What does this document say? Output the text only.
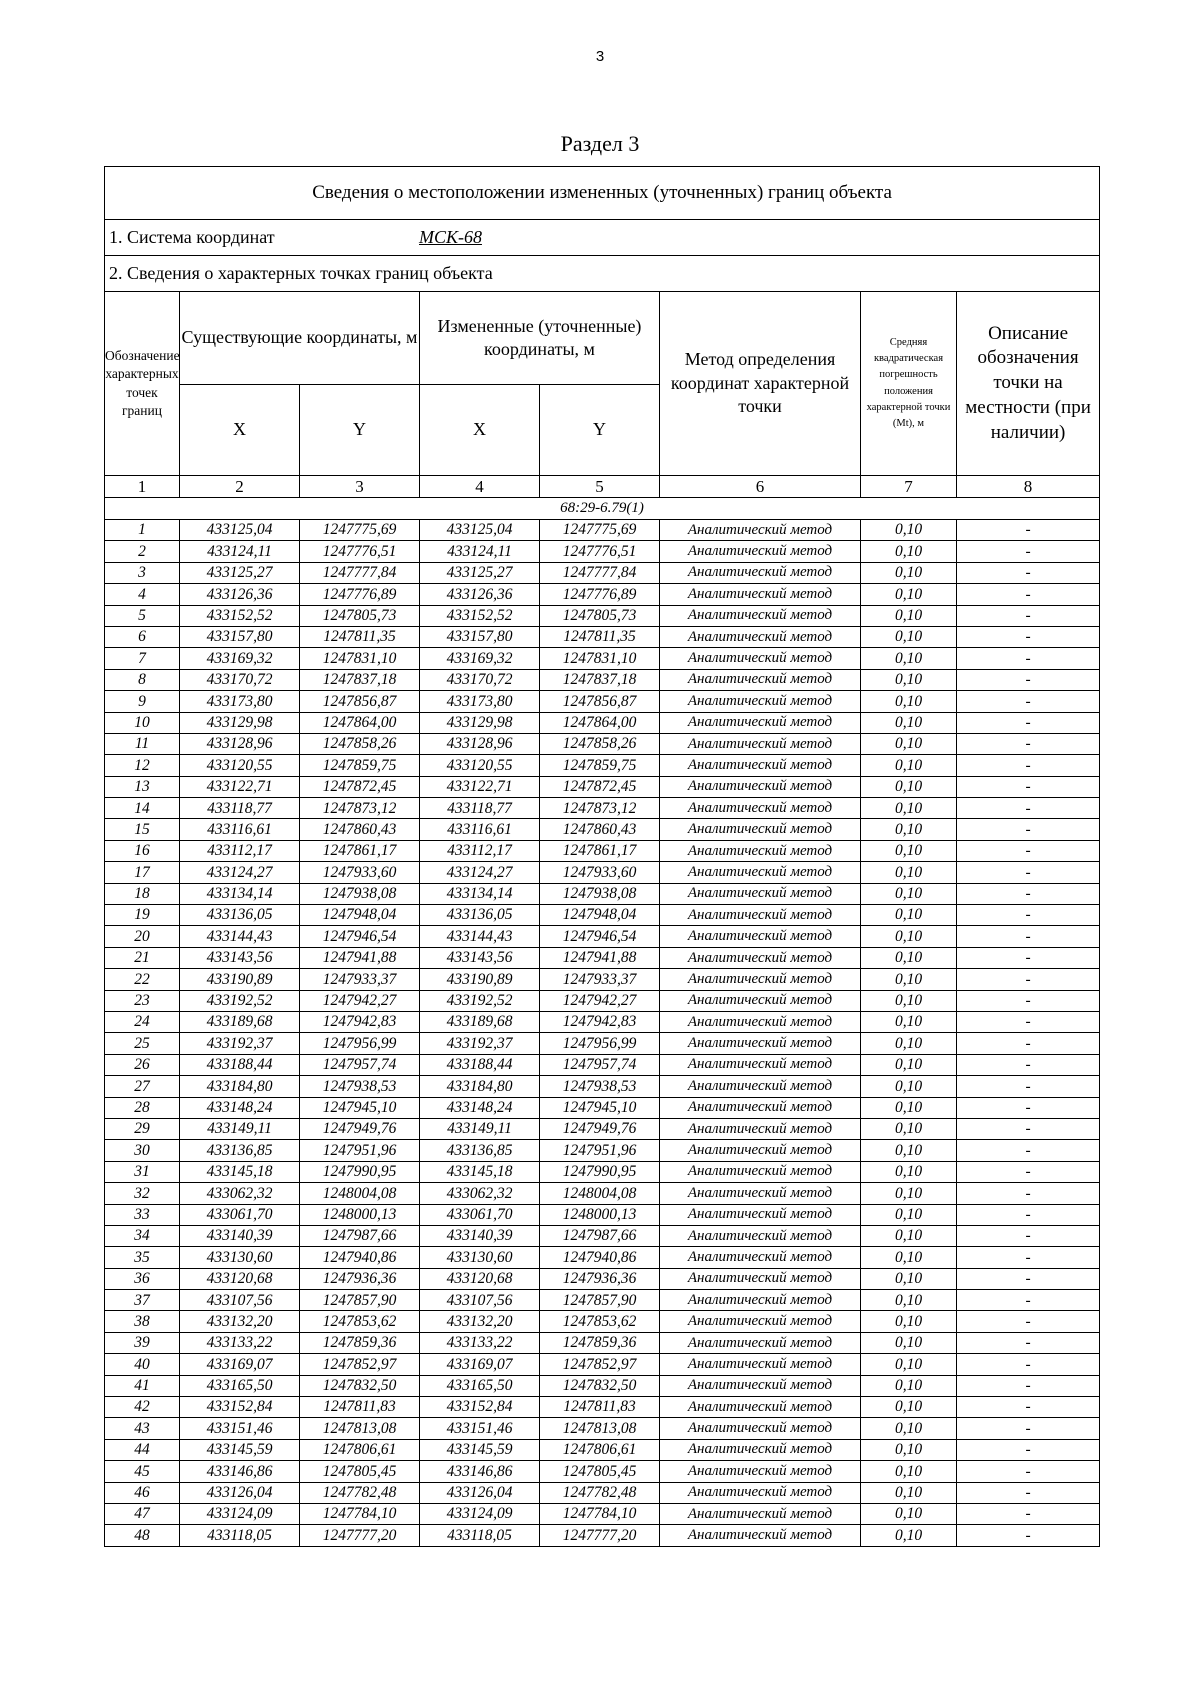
3
Раздел 3
Сведения о местоположении измененных (уточненных) границ объекта							
1. Система координат МСК-68							
2. Сведения о характерных точках границ объекта							
Обозначение характерных точек границ	Существующие координаты, м		Измененные (уточненные) координаты, м		Метод определения координат характерной точки	Средняя квадратическая погрешность положения характерной точки (Mt), м	Описание обозначения точки на местности (при наличии)
	X	Y	X	Y			
1	2	3	4	5	6	7	8
68:29-6.79(1)							
1	433125,04	1247775,69	433125,04	1247775,69	Аналитический метод	0,10	-
2	433124,11	1247776,51	433124,11	1247776,51	Аналитический метод	0,10	-
3	433125,27	1247777,84	433125,27	1247777,84	Аналитический метод	0,10	-
4	433126,36	1247776,89	433126,36	1247776,89	Аналитический метод	0,10	-
5	433152,52	1247805,73	433152,52	1247805,73	Аналитический метод	0,10	-
6	433157,80	1247811,35	433157,80	1247811,35	Аналитический метод	0,10	-
7	433169,32	1247831,10	433169,32	1247831,10	Аналитический метод	0,10	-
8	433170,72	1247837,18	433170,72	1247837,18	Аналитический метод	0,10	-
9	433173,80	1247856,87	433173,80	1247856,87	Аналитический метод	0,10	-
10	433129,98	1247864,00	433129,98	1247864,00	Аналитический метод	0,10	-
11	433128,96	1247858,26	433128,96	1247858,26	Аналитический метод	0,10	-
12	433120,55	1247859,75	433120,55	1247859,75	Аналитический метод	0,10	-
13	433122,71	1247872,45	433122,71	1247872,45	Аналитический метод	0,10	-
14	433118,77	1247873,12	433118,77	1247873,12	Аналитический метод	0,10	-
15	433116,61	1247860,43	433116,61	1247860,43	Аналитический метод	0,10	-
16	433112,17	1247861,17	433112,17	1247861,17	Аналитический метод	0,10	-
17	433124,27	1247933,60	433124,27	1247933,60	Аналитический метод	0,10	-
18	433134,14	1247938,08	433134,14	1247938,08	Аналитический метод	0,10	-
19	433136,05	1247948,04	433136,05	1247948,04	Аналитический метод	0,10	-
20	433144,43	1247946,54	433144,43	1247946,54	Аналитический метод	0,10	-
21	433143,56	1247941,88	433143,56	1247941,88	Аналитический метод	0,10	-
22	433190,89	1247933,37	433190,89	1247933,37	Аналитический метод	0,10	-
23	433192,52	1247942,27	433192,52	1247942,27	Аналитический метод	0,10	-
24	433189,68	1247942,83	433189,68	1247942,83	Аналитический метод	0,10	-
25	433192,37	1247956,99	433192,37	1247956,99	Аналитический метод	0,10	-
26	433188,44	1247957,74	433188,44	1247957,74	Аналитический метод	0,10	-
27	433184,80	1247938,53	433184,80	1247938,53	Аналитический метод	0,10	-
28	433148,24	1247945,10	433148,24	1247945,10	Аналитический метод	0,10	-
29	433149,11	1247949,76	433149,11	1247949,76	Аналитический метод	0,10	-
30	433136,85	1247951,96	433136,85	1247951,96	Аналитический метод	0,10	-
31	433145,18	1247990,95	433145,18	1247990,95	Аналитический метод	0,10	-
32	433062,32	1248004,08	433062,32	1248004,08	Аналитический метод	0,10	-
33	433061,70	1248000,13	433061,70	1248000,13	Аналитический метод	0,10	-
34	433140,39	1247987,66	433140,39	1247987,66	Аналитический метод	0,10	-
35	433130,60	1247940,86	433130,60	1247940,86	Аналитический метод	0,10	-
36	433120,68	1247936,36	433120,68	1247936,36	Аналитический метод	0,10	-
37	433107,56	1247857,90	433107,56	1247857,90	Аналитический метод	0,10	-
38	433132,20	1247853,62	433132,20	1247853,62	Аналитический метод	0,10	-
39	433133,22	1247859,36	433133,22	1247859,36	Аналитический метод	0,10	-
40	433169,07	1247852,97	433169,07	1247852,97	Аналитический метод	0,10	-
41	433165,50	1247832,50	433165,50	1247832,50	Аналитический метод	0,10	-
42	433152,84	1247811,83	433152,84	1247811,83	Аналитический метод	0,10	-
43	433151,46	1247813,08	433151,46	1247813,08	Аналитический метод	0,10	-
44	433145,59	1247806,61	433145,59	1247806,61	Аналитический метод	0,10	-
45	433146,86	1247805,45	433146,86	1247805,45	Аналитический метод	0,10	-
46	433126,04	1247782,48	433126,04	1247782,48	Аналитический метод	0,10	-
47	433124,09	1247784,10	433124,09	1247784,10	Аналитический метод	0,10	-
48	433118,05	1247777,20	433118,05	1247777,20	Аналитический метод	0,10	-
